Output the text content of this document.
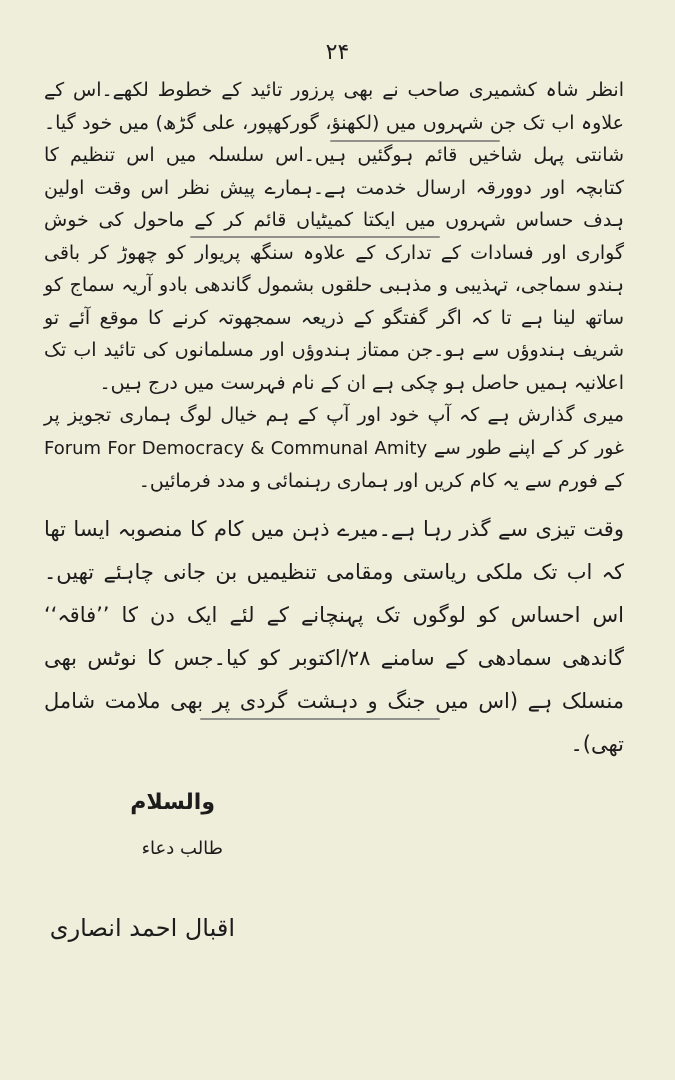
۲۴

انظر شاہ کشمیری صاحب نے بھی پرزور تائید کے خطوط لکھے۔اس کے علاوہ اب تک جن شہروں میں (لکھنؤ، گورکھپور، علی گڑھ) میں خود گیا۔شانتی پہل شاخیں قائم ہوگئیں ہیں۔اس سلسلہ میں اس تنظیم کا کتابچہ اور دوورقہ ارسال خدمت ہے۔ہمارے پیش نظر اس وقت اولین ہدف حساس شہروں میں ایکتا کمیٹیاں قائم کر کے ماحول کی خوش گواری اور فسادات کے تدارک کے علاوہ سنگھ پریوار کو چھوڑ کر باقی ہندو سماجی، تہذیبی و مذہبی حلقوں بشمول گاندھی بادو آریہ سماج کو ساتھ لینا ہے تا کہ اگر گفتگو کے ذریعہ سمجھوتہ کرنے کا موقع آئے تو شریف ہندوؤں سے ہو۔جن ممتاز ہندوؤں اور مسلمانوں کی تائید اب تک اعلانیہ ہمیں حاصل ہو چکی ہے ان کے نام فہرست میں درج ہیں۔

میری گذارش ہے کہ آپ خود اور آپ کے ہم خیال لوگ ہماری تجویز پر غور کر کے اپنے طور سے Forum For Democracy & Communal Amity کے فورم سے یہ کام کریں اور ہماری رہنمائی و مدد فرمائیں۔

وقت تیزی سے گذر رہا ہے۔میرے ذہن میں کام کا منصوبہ ایسا تھا کہ اب تک ملکی ریاستی ومقامی تنظیمیں بن جانی چاہئے تھیں۔اس احساس کو لوگوں تک پہنچانے کے لئے ایک دن کا ’’فاقہ‘‘ گاندھی سمادھی کے سامنے ۲۸/اکتوبر کو کیا۔جس کا نوٹس بھی منسلک ہے (اس میں جنگ و دہشت گردی پر بھی ملامت شامل تھی)۔

والسلام
طالب دعاء
اقبال احمد انصاری
